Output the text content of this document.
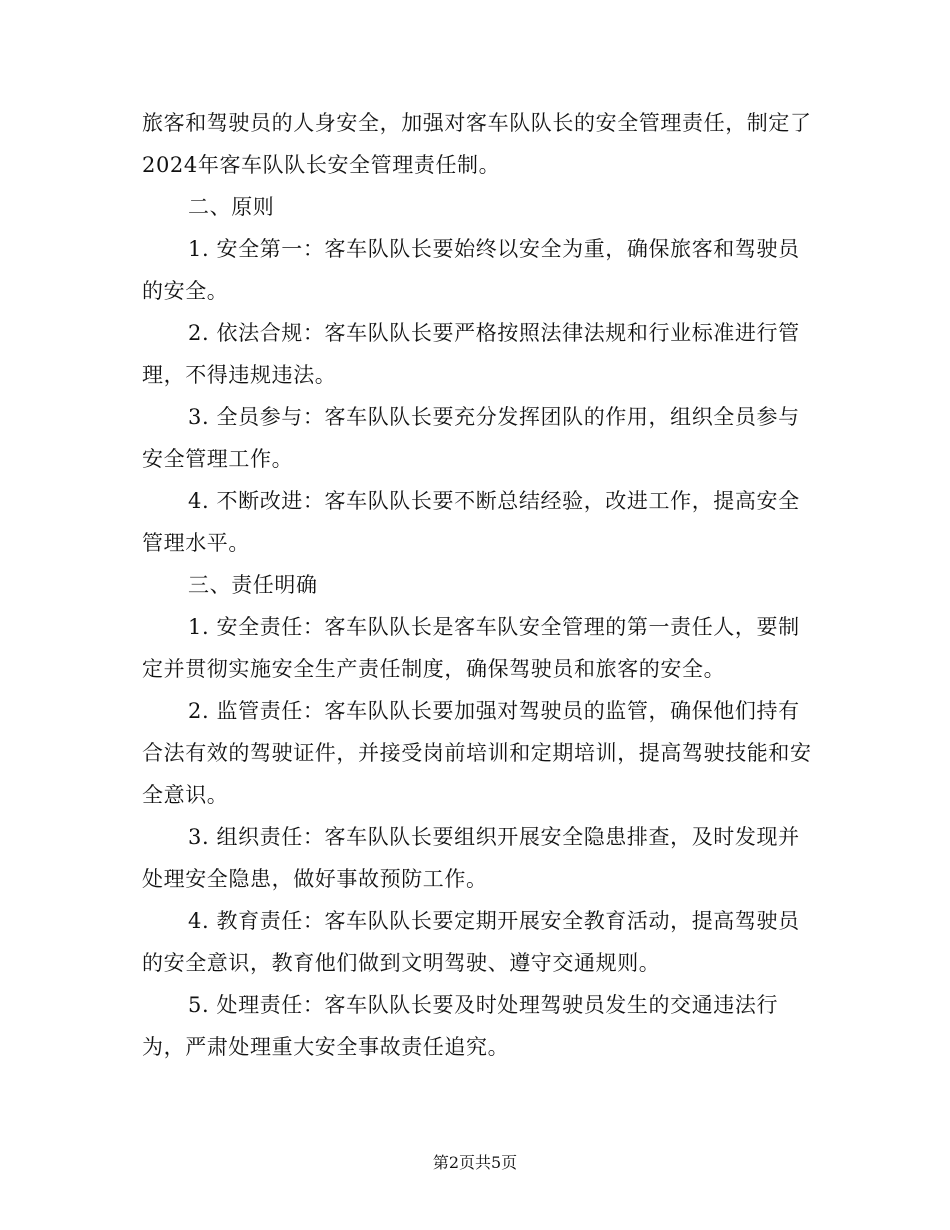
旅客和驾驶员的人身安全，加强对客车队队长的安全管理责任，制定了2024年客车队队长安全管理责任制。

二、原则

1. 安全第一：客车队队长要始终以安全为重，确保旅客和驾驶员的安全。

2. 依法合规：客车队队长要严格按照法律法规和行业标准进行管理，不得违规违法。

3. 全员参与：客车队队长要充分发挥团队的作用，组织全员参与安全管理工作。

4. 不断改进：客车队队长要不断总结经验，改进工作，提高安全管理水平。

三、责任明确

1. 安全责任：客车队队长是客车队安全管理的第一责任人，要制定并贯彻实施安全生产责任制度，确保驾驶员和旅客的安全。

2. 监管责任：客车队队长要加强对驾驶员的监管，确保他们持有合法有效的驾驶证件，并接受岗前培训和定期培训，提高驾驶技能和安全意识。

3. 组织责任：客车队队长要组织开展安全隐患排查，及时发现并处理安全隐患，做好事故预防工作。

4. 教育责任：客车队队长要定期开展安全教育活动，提高驾驶员的安全意识，教育他们做到文明驾驶、遵守交通规则。

5. 处理责任：客车队队长要及时处理驾驶员发生的交通违法行为，严肃处理重大安全事故责任追究。

第2页共5页
